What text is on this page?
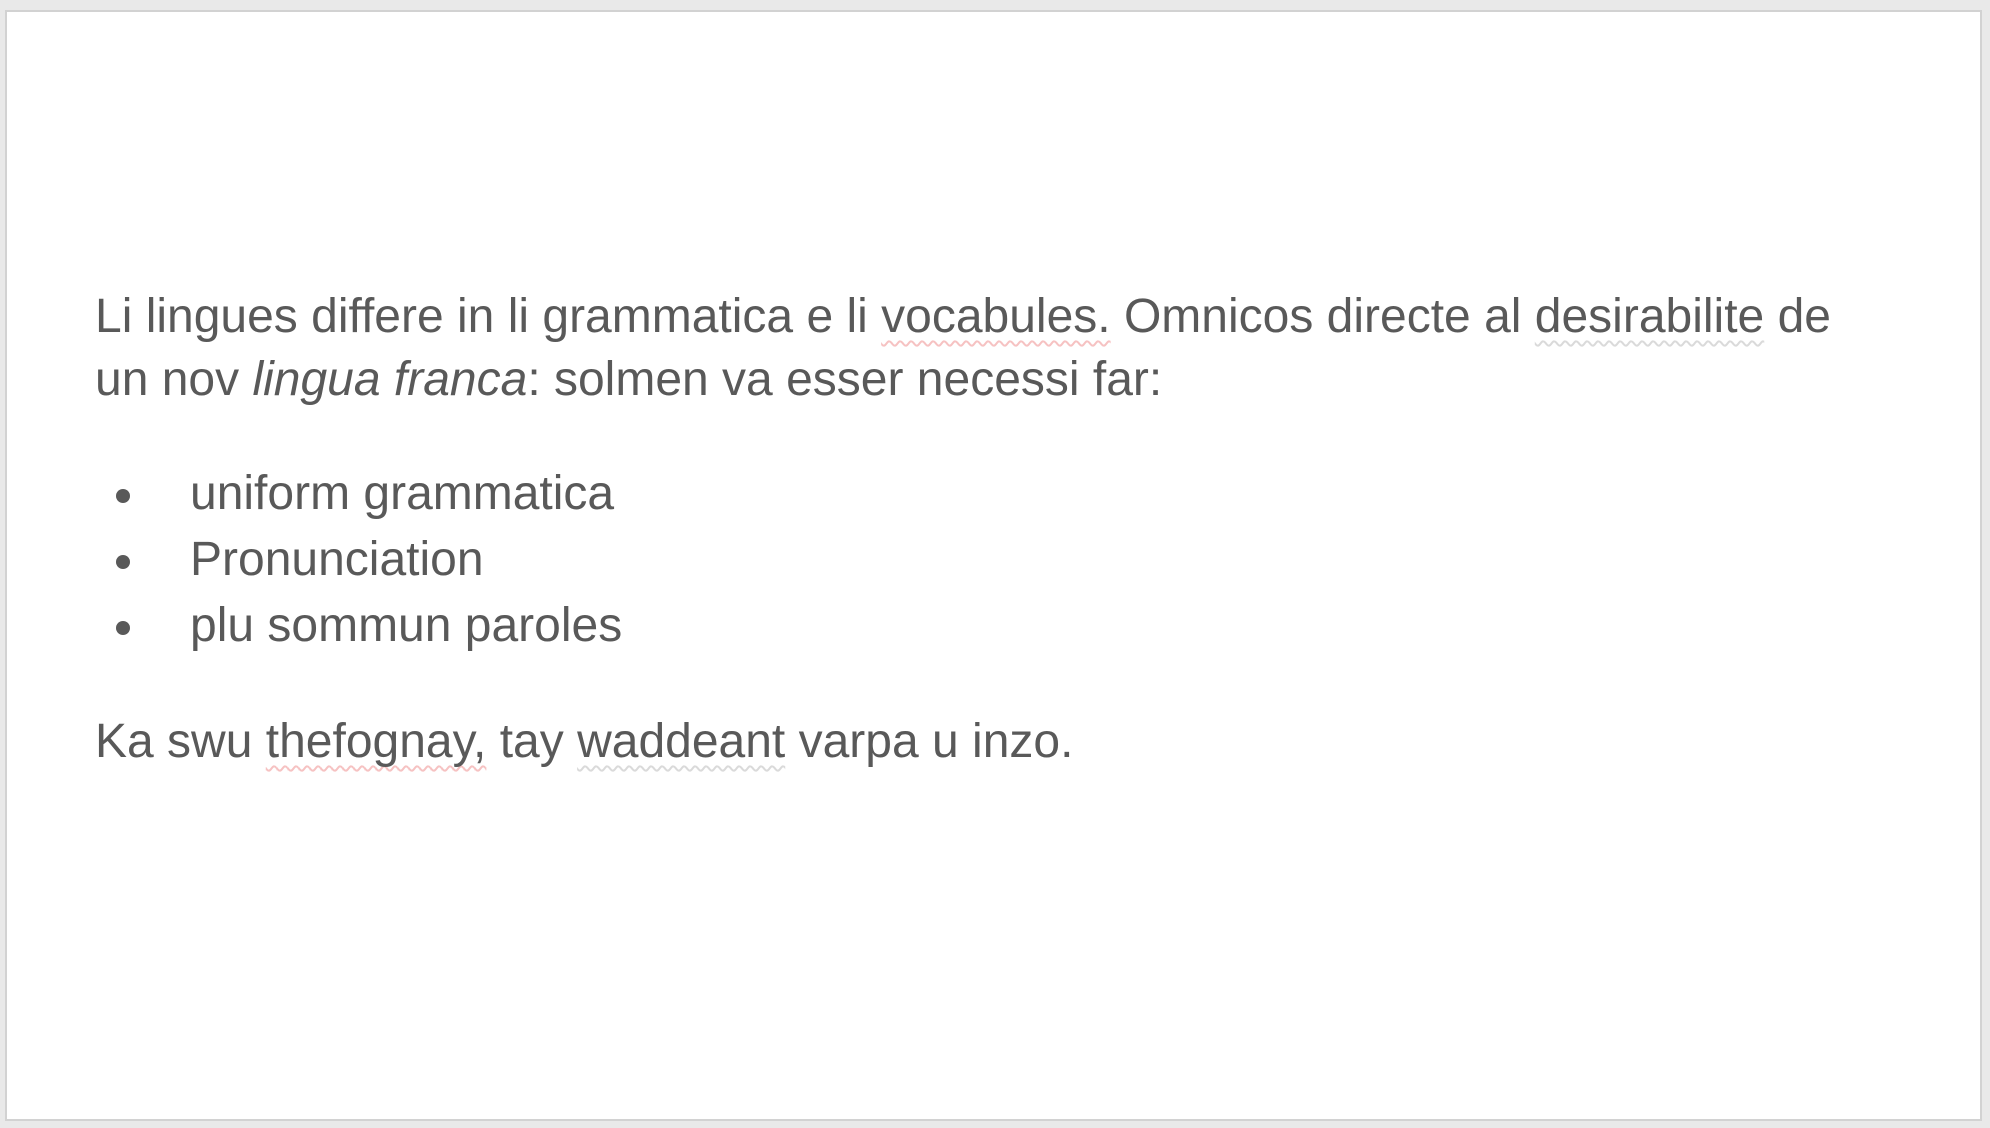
Li lingues differe in li grammatica e li vocabules. Omnicos directe al desirabilite de un nov lingua franca: solmen va esser necessi far:

uniform grammatica
Pronunciation
plu sommun paroles

Ka swu thefognay, tay waddeant varpa u inzo.
